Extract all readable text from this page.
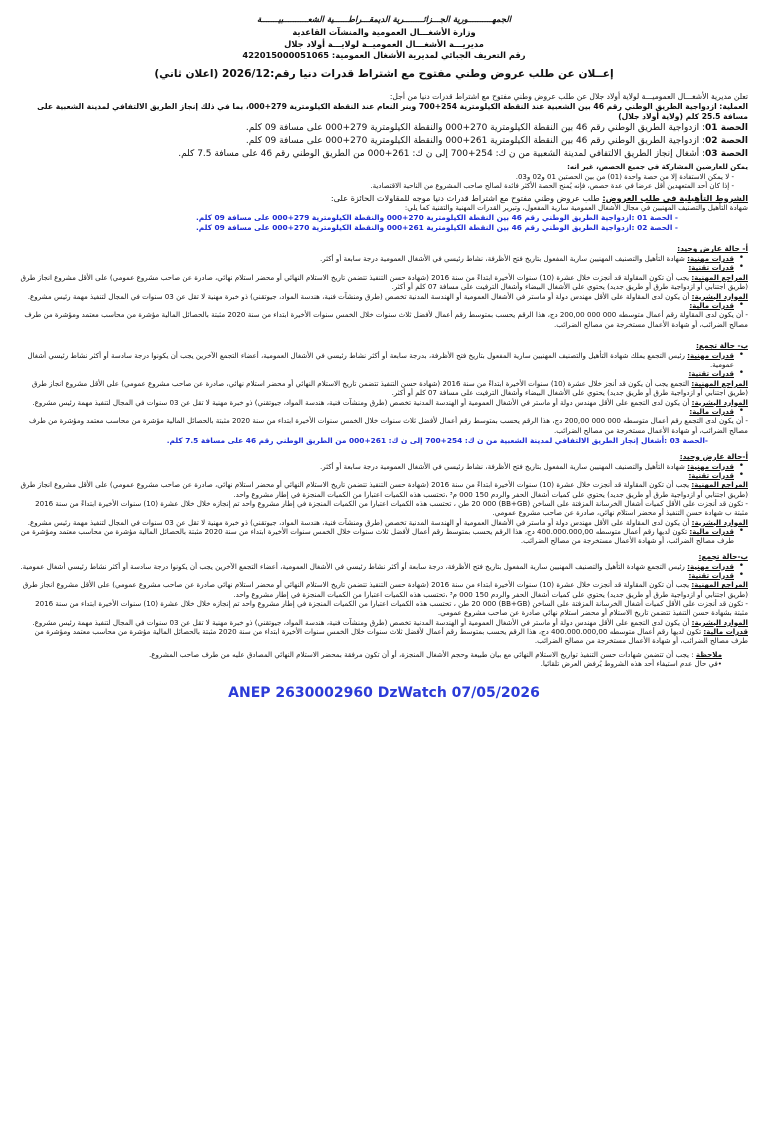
الجمهــــــــــورية الجـــزائــــــــرية الديمقـــراطــــــية الشعــــــــــبيـــــــة

وزارة الأشغـــال العمومية والمنشآت القاعدية

مديريـــة الأشغـــال العموميــة لولايـــة أولاد جلال

رقم التعريف الجبائي لمديرية الأشغال العمومية: 422015000051065

إعــلان عن طلب عروض وطني مفتوح مع اشتراط قدرات دنيا رقم:2026/12 (اعلان ثاني)

تعلن مديرية الأشغـــال العموميـــة لولاية أولاد جلال عن طلب عروض وطني مفتوح مع اشتراط قدرات دنيا من أجل:

العملية: ازدواجية الطريق الوطني رقم 46 بين الشعبية عند النقطة الكيلومترية 254+700 وبنر النعام عند النقطة الكيلومترية 279+000، بما في ذلك إنجاز الطريق الالتفافي لمدينة الشعبية على مسافة 25.5 كلم (ولاية أولاد جلال)

الحصة 01: ازدواجية الطريق الوطني رقم 46 بين النقطة الكيلومترية 270+000 والنقطة الكيلومترية 279+000 على مسافة 09 كلم.

الحصة 02: ازدواجية الطريق الوطني رقم 46 بين النقطة الكيلومترية 261+000 والنقطة الكيلومترية 270+000 على مسافة 09 كلم.

الحصة 03: أشغال إنجاز الطريق الالتفافي لمدينة الشعبية من ن ك: 254+700 إلى ن ك: 261+000 من الطريق الوطني رقم 46 على مسافة 7.5 كلم.

يمكن للعارضين المشاركة في جميع الحصص، غير انه:

- لا يمكن الاستفادة إلا من حصة واحدة (01) من بين الحصتين 01 و02 و03.
- إذا كان أحد المتعهدين أقل عرضا في عدة حصص، فإنه يُمنح الحصة الأكثر فائدة لصالح صاحب المشروع من الناحية الاقتصادية.

الشروط التأهيلية في طلب العروض: طلب عروض وطني مفتوح مع اشتراط قدرات دنيا موجه للمقاولات الحائزة على:

شهادة التأهيل والتصنيف المهنيين في مجال الأشغال العمومية سارية المفعول، وتبرير القدرات المهنية والتقنية كما يلي:

- الحصة 01 :ازدواجية الطريق الوطني رقم 46 بين النقطة الكيلومترية 270+000 والنقطة الكيلومترية 279+000 على مسافة 09 كلم.

- الحصة 02 :ازدواجية الطريق الوطني رقم 46 بين النقطة الكيلومترية 261+000 والنقطة الكيلومترية 270+000 على مسافة 09 كلم.

أ- حالة عارض وحيد:

• قدرات مهنية: شهادة التأهيل والتصنيف المهنيين سارية المفعول بتاريخ فتح الأظرفة، نشاط رئيسي في الأشغال العمومية درجة سابعة أو أكثر.
• قدرات تقنية:

المراجع المهنية: يجب أن تكون المقاولة قد أنجزت خلال عشرة (10) سنوات الأخيرة ابتداءً من سنة 2016 (شهادة حسن التنفيذ تتضمن تاريخ الاستلام النهائي أو محضر استلام نهائي، صادرة عن صاحب مشروع عمومي) على الأقل مشروع انجاز طرق (طريق اجتنابي أو ازدواجية طرق أو طريق جديد) يحتوي على الأشغال البيضاء وأشغال الترفيت على مسافة 07 كلم أو أكثر.

الموارد البشرية: أن يكون لدى المقاولة على الأقل مهندس دولة أو ماستر في الأشغال العمومية أو الهندسة المدنية تخصص (طرق ومنشآت فنية، هندسة المواد، جيوتقني) ذو خبرة مهنية لا تقل عن 03 سنوات في المجال لتنفيذ مهمة رئيس مشروع.

• قدرات مالية:

- أن يكون لدى المقاولة رقم أعمال متوسطه 000 000 200,00 دج، هذا الرقم يحسب بمتوسط رقم أعمال لأفضل ثلاث سنوات خلال الخمس سنوات الأخيرة ابتداء من سنة 2020 مثبتة بالحصائل المالية مؤشرة من محاسب معتمد ومؤشرة من طرف مصالح الضرائب، أو شهادة الأعمال مستخرجة من مصالح الضرائب.

ب- حالة تجمع:

• قدرات مهنية: رئيس التجمع يملك شهادة التأهيل والتصنيف المهنيين سارية المفعول بتاريخ فتح الأظرفة، بدرجة سابعة أو أكثر نشاط رئيسي في الأشغال العمومية، أعضاء التجمع الآخرين يجب أن يكونوا درجة سادسة أو أكثر نشاط رئيسي أشغال عمومية.
• قدرات تقنية:

المراجع المهنية: التجمع يجب أن يكون قد أنجز خلال عشرة (10) سنوات الأخيرة ابتداءً من سنة 2016 (شهادة حسن التنفيذ تتضمن تاريخ الاستلام النهائي أو محضر استلام نهائي، صادرة عن صاحب مشروع عمومي) على الأقل مشروع انجاز طرق (طريق اجتنابي أو ازدواجية طرق أو طريق جديد) يحتوي على الأشغال البيضاء وأشغال الترفيت على مسافة 07 كلم أو أكثر.

الموارد البشرية: أن يكون لدى التجمع على الأقل مهندس دولة أو ماستر في الأشغال العمومية أو الهندسة المدنية تخصص (طرق ومنشآت فنية، هندسة المواد، جيوتقني) ذو خبرة مهنية لا تقل عن 03 سنوات في المجال لتنفيذ مهمة رئيس مشروع.

• قدرات مالية:

- أن يكون لدى التجمع رقم أعمال متوسطه 000 000 200,00 دج، هذا الرقم يحسب بمتوسط رقم أعمال لأفضل ثلاث سنوات خلال الخمس سنوات الأخيرة ابتداء من سنة 2020 مثبتة بالحصائل المالية مؤشرة من محاسب معتمد ومؤشرة من طرف مصالح الضرائب، أو شهادة الأعمال مستخرجة من مصالح الضرائب.

-الحصة 03 :أشغال إنجاز الطريق الالتفافي لمدينة الشعبية من ن ك: 254+700 إلى ن ك: 261+000 من الطريق الوطني رقم 46 على مسافة 7.5 كلم.

أ-حالة عارض وحيد:

• قدرات مهنية: شهادة التأهيل والتصنيف المهنيين سارية المفعول بتاريخ فتح الأظرفة، نشاط رئيسي في الأشغال العمومية درجة سابعة أو أكثر.
• قدرات تقنية:

المراجع المهنية: يجب أن تكون المقاولة قد أنجزت خلال عشرة (10) سنوات الأخيرة ابتداءً من سنة 2016 (شهادة حسن التنفيذ تتضمن تاريخ الاستلام النهائي أو محضر استلام نهائي، صادرة عن صاحب مشروع عمومي) على الأقل مشروع انجاز طرق (طريق اجتنابي أو ازدواجية طرق أو طريق جديد) يحتوي على كميات أشغال الحفر والردم 150 000 م³ ،تحتسب هذه الكميات اعتبارا من الكميات المنجزة في إطار مشروع واحد.

- تكون قد أنجزت على الأقل كميات أشغال الخرسانة المزفتة على الساخن (BB+GB) 20 000 طن ، تحتسب هذه الكميات اعتبارا من الكميات المنجزة في إطار مشروع واحد تم إنجازه خلال خلال عشرة (10) سنوات الأخيرة ابتداءً من سنة 2016 مثبتة ب شهادة حسن التنفيذ أو محضر استلام نهائي، صادرة عن صاحب مشروع عمومي.

الموارد البشرية: أن يكون لدى المقاولة على الأقل مهندس دولة أو ماستر في الأشغال العمومية أو الهندسة المدنية تخصص (طرق ومنشآت فنية، هندسة المواد، جيوتقني) ذو خبرة مهنية لا تقل عن 03 سنوات في المجال لتنفيذ مهمة رئيس مشروع.

• قدرات مالية: تكون لديها رقم أعمال متوسطه 400.000.000,00 دج، هذا الرقم يحسب بمتوسط رقم أعمال لأفضل ثلاث سنوات خلال الخمس سنوات الأخيرة ابتداء من سنة 2020 مثبتة بالحصائل المالية مؤشرة من محاسب معتمد ومؤشرة من طرف مصالح الضرائب، أو شهادة الأعمال مستخرجة من مصالح الضرائب.

ب-حالة تجمع:

• قدرات مهنية: رئيس التجمع شهادة التأهيل والتصنيف المهنيين سارية المفعول بتاريخ فتح الأظرفة، درجة سابعة أو أكثر نشاط رئيسي في الأشغال العمومية، أعضاء التجمع الآخرين يجب أن يكونوا درجة سادسة أو أكثر نشاط رئيسي أشغال عمومية.
• قدرات تقنية:

المراجع المهنية: يجب أن تكون المقاولة قد أنجزت خلال عشرة (10) سنوات الأخيرة ابتداء من سنة 2016 (شهادة حسن التنفيذ تتضمن تاريخ الاستلام النهائي أو محضر استلام نهائي صادرة عن صاحب مشروع عمومي) على الأقل مشروع انجاز طرق (طريق اجتنابي أو ازدواجية طرق أو طريق جديد) يحتوي على كميات أشغال الحفر والردم 150 000 م³ ،تحتسب هذه الكميات اعتبارا من الكميات المنجزة في إطار مشروع واحد.

- تكون قد أنجزت على الأقل كميات أشغال الخرسانة المزفتة على الساخن (BB+GB) 20 000 طن ، تحتسب هذه الكميات اعتبارا من الكميات المنجزة في إطار مشروع واحد تم إنجازه خلال خلال عشرة (10) سنوات الأخيرة ابتداء من سنة 2016 مثبتة بشهادة حسن التنفيذ تتضمن تاريخ الاستلام أو محضر استلام نهائي صادرة عن صاحب مشروع عمومي.

الموارد البشرية: أن يكون لدى التجمع على الأقل مهندس دولة أو ماستر في الأشغال العمومية أو الهندسة المدنية تخصص (طرق ومنشآت فنية، هندسة المواد، جيوتقني) ذو خبرة مهنية لا تقل عن 03 سنوات في المجال لتنفيذ مهمة رئيس مشروع.

قدرات مالية: تكون لديها رقم أعمال متوسطه 400.000.000,00 دج، هذا الرقم يحسب بمتوسط رقم أعمال لأفضل ثلاث سنوات خلال الخمس سنوات الأخيرة ابتداء من سنة 2020 مثبتة بالحصائل المالية مؤشرة من محاسب معتمد ومؤشرة من طرف مصالح الضرائب، أو شهادة الأعمال مستخرجة من مصالح الضرائب.

ملاحظة : يجب أن تتضمن شهادات حسن التنفيذ تواريخ الاستلام النهائي مع بيان طبيعة وحجم الأشغال المنجزة، أو أن تكون مرفقة بمحضر الاستلام النهائي المصادق عليه من طرف صاحب المشروع.

•في حال عدم استيفاء أحد هذه الشروط يُرفض العرض تلقائيا.

ANEP 2630002960 DzWatch 07/05/2026
